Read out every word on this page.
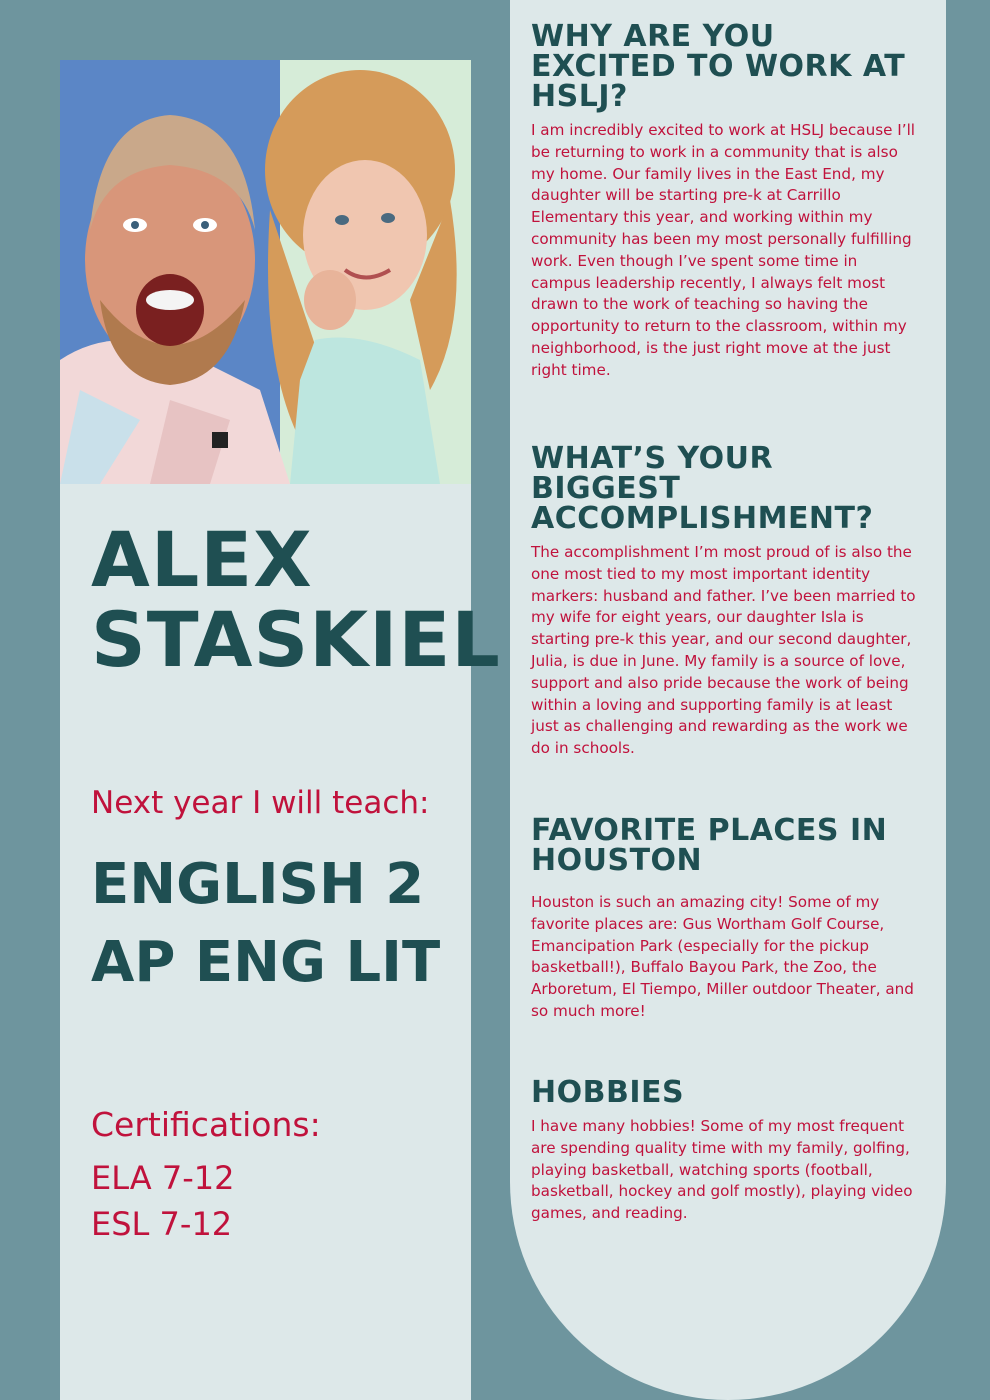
ALEX
STASKIEL

Next year I will teach:

ENGLISH 2
AP ENG LIT

Certifications:

ELA 7-12
ESL 7-12
WHY ARE YOU EXCITED TO WORK AT HSLJ?

I am incredibly excited to work at HSLJ because I’ll be returning to work in a community that is also my home. Our family lives in the East End, my daughter will be starting pre-k at Carrillo Elementary this year, and working within my community has been my most personally fulfilling work. Even though I’ve spent some time in campus leadership recently, I always felt most drawn to the work of teaching so having the opportunity to return to the classroom, within my neighborhood, is the just right move at the just right time.

WHAT’S YOUR BIGGEST ACCOMPLISHMENT?

The accomplishment I’m most proud of is also the one most tied to my most important identity markers: husband and father. I’ve been married to my wife for eight years, our daughter Isla is starting pre-k this year, and our second daughter, Julia, is due in June. My family is a source of love, support and also pride because the work of being within a loving and supporting family is at least just as challenging and rewarding as the work we do in schools.

FAVORITE PLACES IN HOUSTON

Houston is such an amazing city! Some of my favorite places are: Gus Wortham Golf Course, Emancipation Park (especially for the pickup basketball!), Buffalo Bayou Park, the Zoo, the Arboretum, El Tiempo, Miller outdoor Theater, and so much more!

HOBBIES

I have many hobbies! Some of my most frequent are spending quality time with my family, golfing, playing basketball, watching sports (football, basketball, hockey and golf mostly), playing video games, and reading.
